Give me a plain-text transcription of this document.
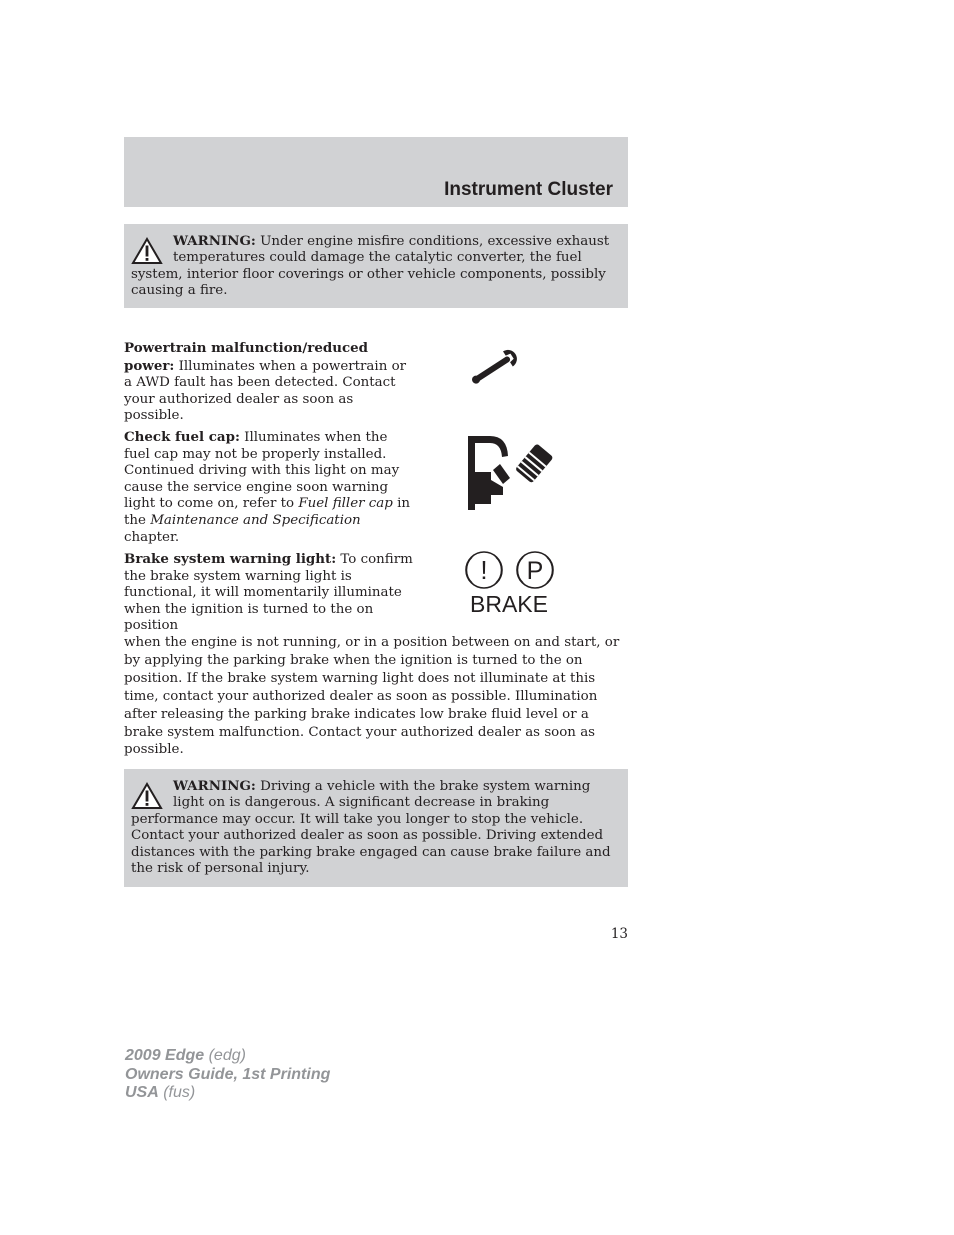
Instrument Cluster

WARNING: Under engine misfire conditions, excessive exhaust temperatures could damage the catalytic converter, the fuel system, interior floor coverings or other vehicle components, possibly causing a fire.

Powertrain malfunction/reduced power: Illuminates when a powertrain or a AWD fault has been detected. Contact your authorized dealer as soon as possible.

Check fuel cap: Illuminates when the fuel cap may not be properly installed. Continued driving with this light on may cause the service engine soon warning light to come on, refer to Fuel filler cap in the Maintenance and Specification chapter.

Brake system warning light: To confirm the brake system warning light is functional, it will momentarily illuminate when the ignition is turned to the on position

when the engine is not running, or in a position between on and start, or by applying the parking brake when the ignition is turned to the on position. If the brake system warning light does not illuminate at this time, contact your authorized dealer as soon as possible. Illumination after releasing the parking brake indicates low brake fluid level or a brake system malfunction. Contact your authorized dealer as soon as possible.

! P
BRAKE

WARNING: Driving a vehicle with the brake system warning light on is dangerous. A significant decrease in braking performance may occur. It will take you longer to stop the vehicle. Contact your authorized dealer as soon as possible. Driving extended distances with the parking brake engaged can cause brake failure and the risk of personal injury.

13
2009 Edge (edg)
Owners Guide, 1st Printing
USA (fus)
